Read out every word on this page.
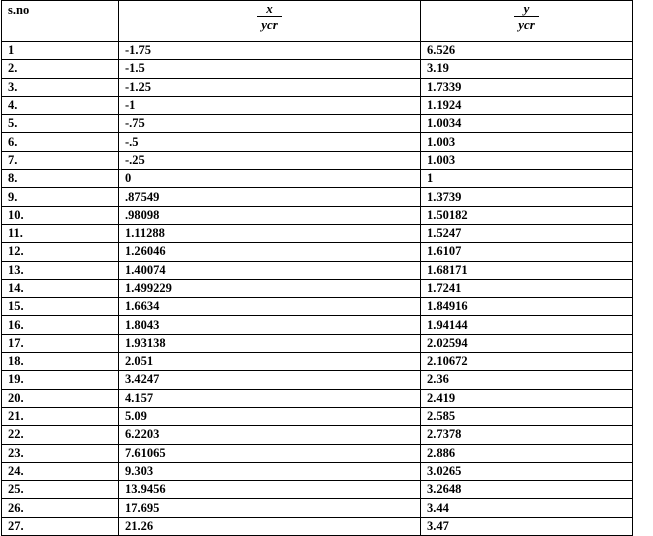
s.no	$\frac{x}{\text{ycr}}$	$\frac{y}{\text{ycr}}$

1	-1.75	6.526
2.	-1.5	3.19
3.	-1.25	1.7339
4.	-1	1.1924
5.	-.75	1.0034
6.	-.5	1.003
7.	-.25	1.003
8.	0	1
9.	.87549	1.3739
10.	.98098	1.50182
11.	1.11288	1.5247
12.	1.26046	1.6107
13.	1.40074	1.68171
14.	1.499229	1.7241
15.	1.6634	1.84916
16.	1.8043	1.94144
17.	1.93138	2.02594
18.	2.051	2.10672
19.	3.4247	2.36
20.	4.157	2.419
21.	5.09	2.585
22.	6.2203	2.7378
23.	7.61065	2.886
24.	9.303	3.0265
25.	13.9456	3.2648
26.	17.695	3.44
27.	21.26	3.47
